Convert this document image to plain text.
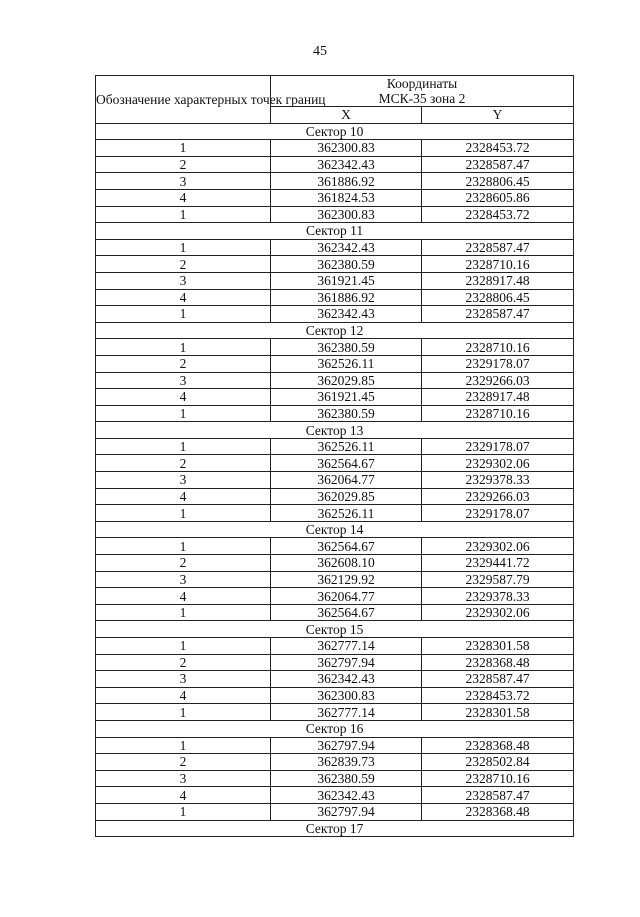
45
Обозначение характерных точек границ	Координаты
МСК-35 зона 2	
	X	Y
Сектор 10		
1	362300.83	2328453.72
2	362342.43	2328587.47
3	361886.92	2328806.45
4	361824.53	2328605.86
1	362300.83	2328453.72
Сектор 11		
1	362342.43	2328587.47
2	362380.59	2328710.16
3	361921.45	2328917.48
4	361886.92	2328806.45
1	362342.43	2328587.47
Сектор 12		
1	362380.59	2328710.16
2	362526.11	2329178.07
3	362029.85	2329266.03
4	361921.45	2328917.48
1	362380.59	2328710.16
Сектор 13		
1	362526.11	2329178.07
2	362564.67	2329302.06
3	362064.77	2329378.33
4	362029.85	2329266.03
1	362526.11	2329178.07
Сектор 14		
1	362564.67	2329302.06
2	362608.10	2329441.72
3	362129.92	2329587.79
4	362064.77	2329378.33
1	362564.67	2329302.06
Сектор 15		
1	362777.14	2328301.58
2	362797.94	2328368.48
3	362342.43	2328587.47
4	362300.83	2328453.72
1	362777.14	2328301.58
Сектор 16		
1	362797.94	2328368.48
2	362839.73	2328502.84
3	362380.59	2328710.16
4	362342.43	2328587.47
1	362797.94	2328368.48
Сектор 17		
